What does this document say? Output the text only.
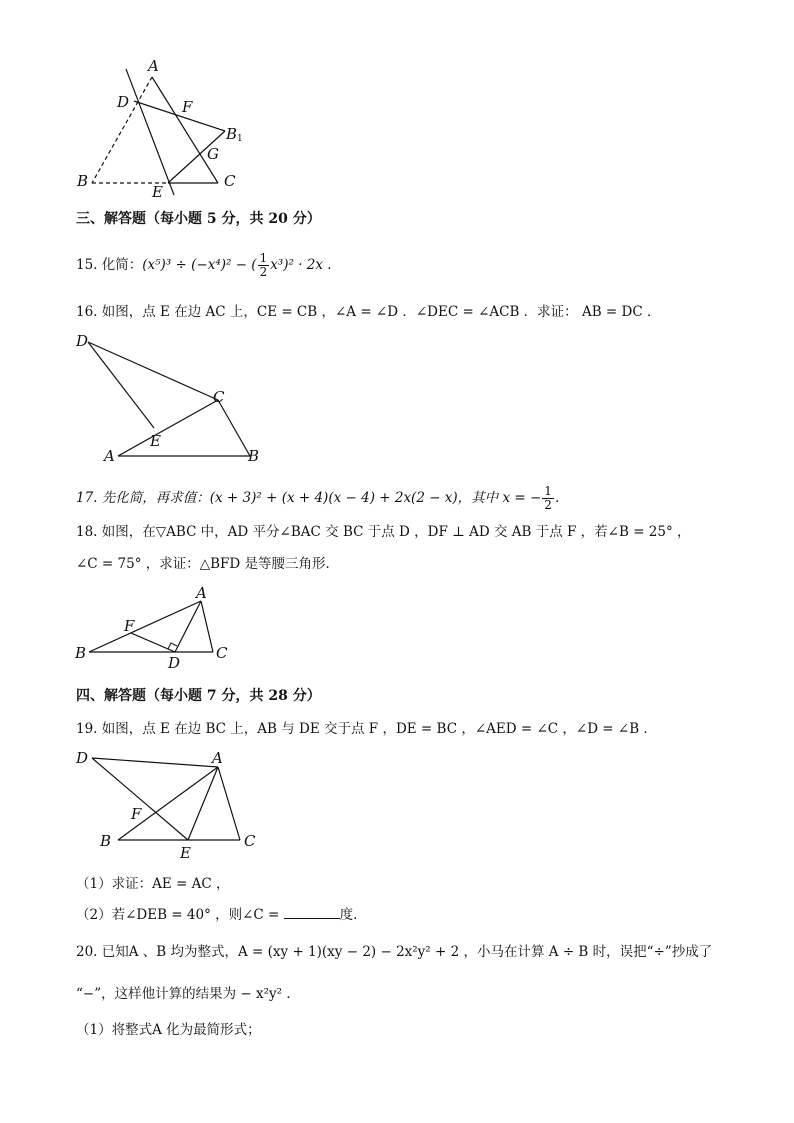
A
D	F
B 1
G
B
E
C
三、解答题（每小题 5 分，共 20 分）
15. 化简：(x⁵)³ ÷ (−x⁴)² − ( $\frac{1}{2} x^3)^2 \cdot 2x$ .
16. 如图，点 E 在边 AC 上，CE = CB ，∠A = ∠D ．∠DEC = ∠ACB ．求证： AB = DC ．
D
C
E
A	B
17. 先化简，再求值：(x + 3)² + (x + 4)(x − 4) + 2x(2 − x)，其中 x = − $\frac{1}{2}$ .
18. 如图，在▽ABC 中，AD 平分∠BAC 交 BC 于点 D ，DF ⊥ AD 交 AB 于点 F ，若∠B = 25° ，
∠C = 75° ，求证：△BFD 是等腰三角形．
A
F
B
D
C
四、解答题（每小题 7 分，共 28 分）
19. 如图，点 E 在边 BC 上，AB 与 DE 交于点 F ，DE = BC ，∠AED = ∠C ，∠D = ∠B ．
D	A
F
B
E
C
（1）求证：AE = AC ，
（2）若∠DEB = 40° ，则∠C =	度．
20. 已知A 、B 均为整式，A = (xy + 1)(xy − 2) − 2x²y² + 2 ，小马在计算 A ÷ B 时，误把“÷”抄成了
“−”，这样他计算的结果为 − x²y² ．
（1）将整式A 化为最简形式；
